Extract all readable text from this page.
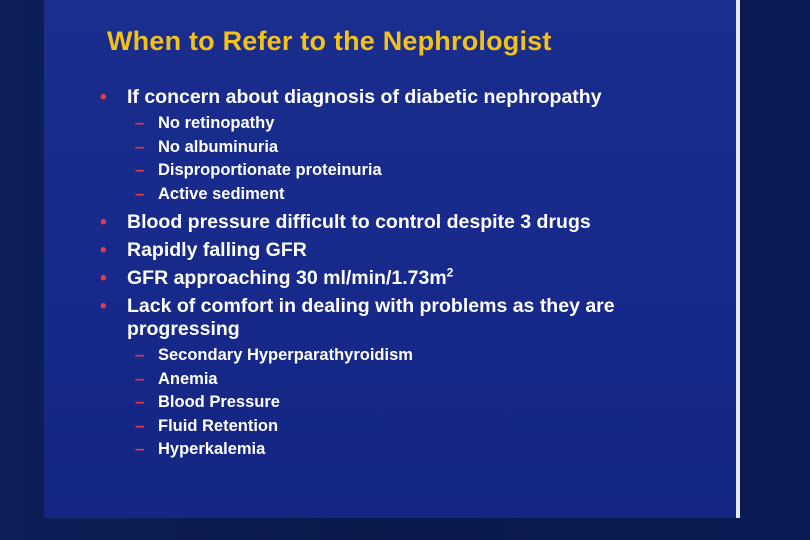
When to Refer to the Nephrologist
• If concern about diagnosis of diabetic nephropathy
– No retinopathy
– No albuminuria
– Disproportionate proteinuria
– Active sediment
• Blood pressure difficult to control despite 3 drugs
• Rapidly falling GFR
• GFR approaching 30 $ml/\min/1.73m^2$
• Lack of comfort in dealing with problems as they are progressing
– Secondary Hyperparathyroidism
– Anemia
– Blood Pressure
– Fluid Retention
– Hyperkalemia
